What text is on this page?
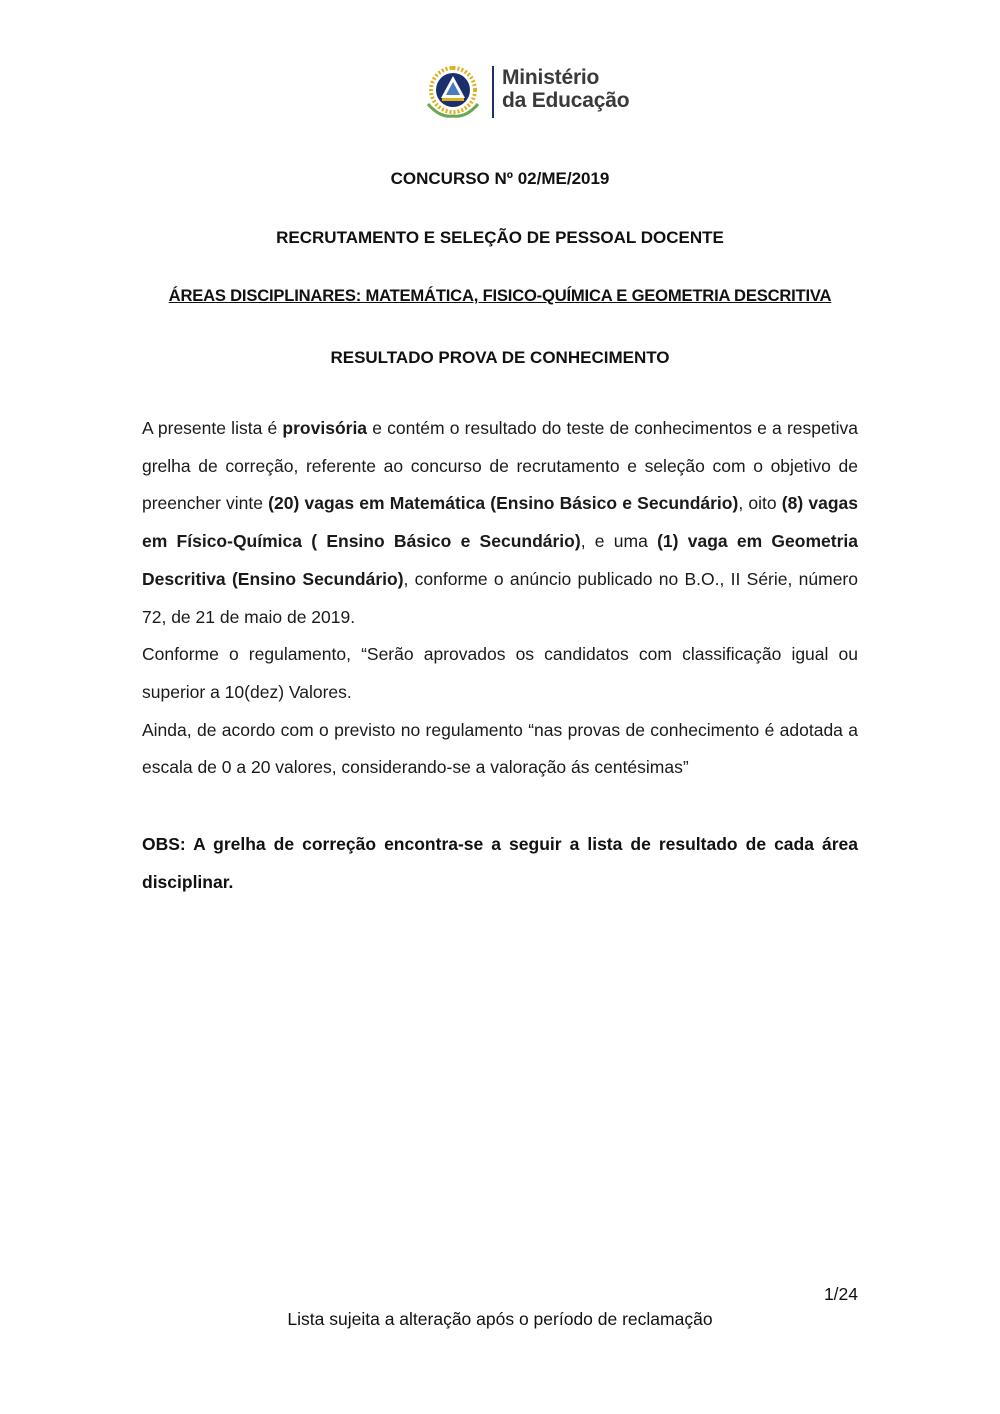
Ministério
da Educação
CONCURSO Nº 02/ME/2019
RECRUTAMENTO E SELEÇÃO DE PESSOAL DOCENTE
ÁREAS DISCIPLINARES: MATEMÁTICA, FISICO-QUÍMICA E GEOMETRIA DESCRITIVA
RESULTADO PROVA DE CONHECIMENTO

A presente lista é provisória e contém o resultado do teste de conhecimentos e a respetiva grelha de correção, referente ao concurso de recrutamento e seleção com o objetivo de preencher vinte (20) vagas em Matemática (Ensino Básico e Secundário), oito (8) vagas em Físico-Química ( Ensino Básico e Secundário), e uma (1) vaga em Geometria Descritiva (Ensino Secundário), conforme o anúncio publicado no B.O., II Série, número 72, de 21 de maio de 2019.

Conforme o regulamento, “Serão aprovados os candidatos com classificação igual ou superior a 10(dez) Valores.

Ainda, de acordo com o previsto no regulamento “nas provas de conhecimento é adotada a escala de 0 a 20 valores, considerando-se a valoração ás centésimas”

OBS: A grelha de correção encontra-se a seguir a lista de resultado de cada área disciplinar.
1/24
Lista sujeita a alteração após o período de reclamação
